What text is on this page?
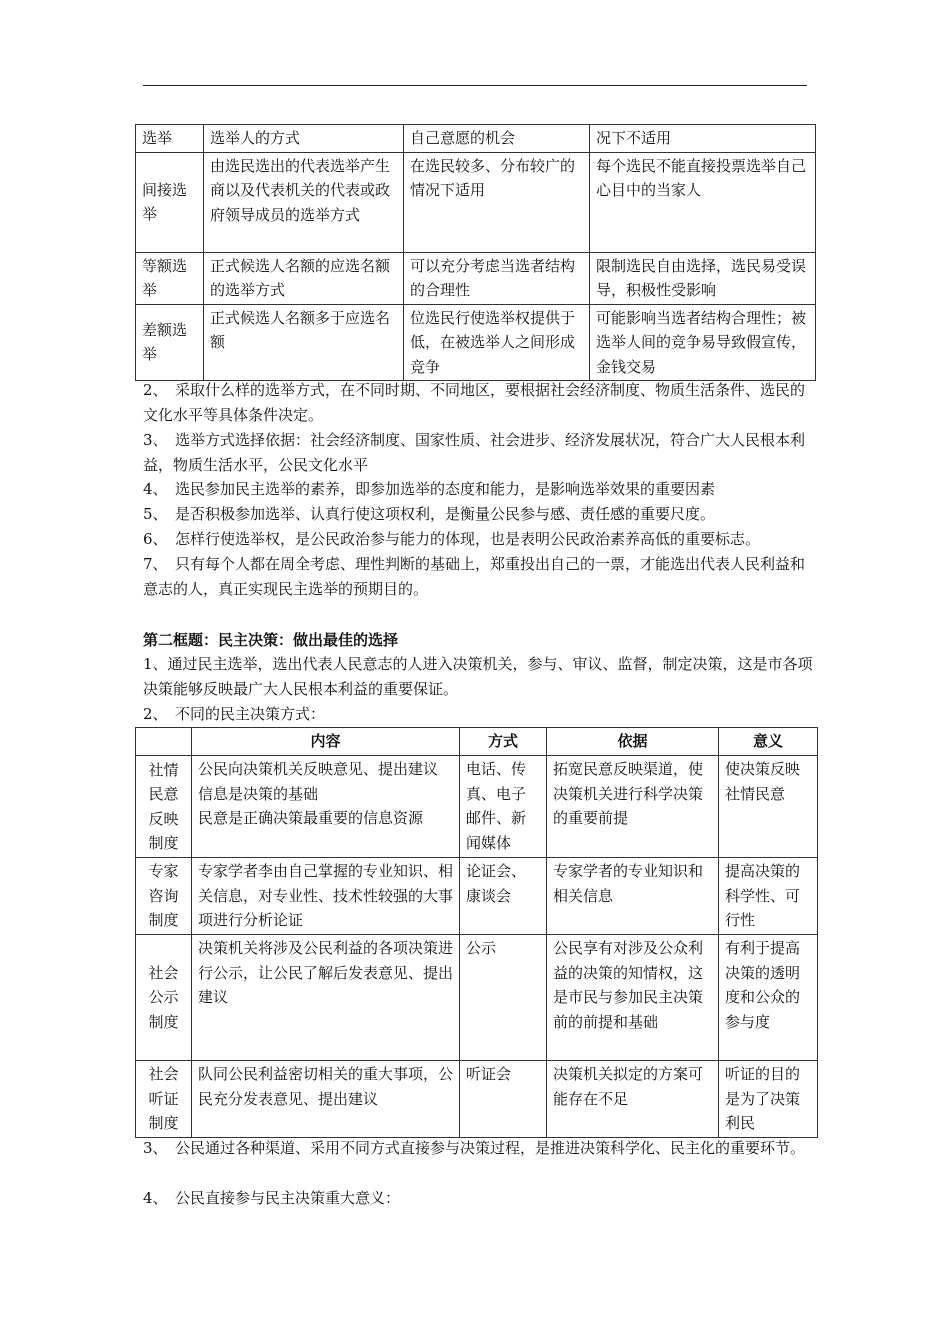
选举	选举人的方式	自己意愿的机会	况下不适用
间接选举	由选民选出的代表选举产生商以及代表机关的代表或政府领导成员的选举方式	在选民较多、分布较广的情况下适用	每个选民不能直接投票选举自己心目中的当家人
等额选举	正式候选人名额的应选名额的选举方式	可以充分考虑当选者结构的合理性	限制选民自由选择，选民易受误导，积极性受影响
差额选举	正式候选人名额多于应选名额	位选民行使选举权提供于低，在被选举人之间形成竞争	可能影响当选者结构合理性；被选举人间的竞争易导致假宣传，金钱交易

2、　采取什么样的选举方式，在不同时期、不同地区，要根据社会经济制度、物质生活条件、选民的文化水平等具体条件决定。

3、　选举方式选择依据：社会经济制度、国家性质、社会进步、经济发展状况，符合广大人民根本利益，物质生活水平，公民文化水平

4、　选民参加民主选举的素养，即参加选举的态度和能力，是影响选举效果的重要因素

5、　是否积极参加选举、认真行使这项权利，是衡量公民参与感、责任感的重要尺度。

6、　怎样行使选举权，是公民政治参与能力的体现，也是表明公民政治素养高低的重要标志。

7、　只有每个人都在周全考虑、理性判断的基础上，郑重投出自己的一票，才能选出代表人民利益和意志的人，真正实现民主选举的预期目的。

第二框题：民主决策：做出最佳的选择

1、通过民主选举，选出代表人民意志的人进入决策机关，参与、审议、监督，制定决策，这是市各项决策能够反映最广大人民根本利益的重要保证。

2、　不同的民主决策方式：

	内容	方式	依据	意义
社情民意反映制度	公民向决策机关反映意见、提出建议
信息是决策的基础
民意是正确决策最重要的信息资源	电话、传真、电子邮件、新闻媒体	拓宽民意反映渠道，使决策机关进行科学决策的重要前提	使决策反映社情民意
专家咨询制度	专家学者李由自己掌握的专业知识、相关信息，对专业性、技术性较强的大事项进行分析论证	论证会、康谈会	专家学者的专业知识和相关信息	提高决策的科学性、可行性
社会公示制度	决策机关将涉及公民利益的各项决策进行公示，让公民了解后发表意见、提出建议	公示	公民享有对涉及公众利益的决策的知情权，这是市民与参加民主决策前的前提和基础	有利于提高决策的透明度和公众的参与度
社会听证制度	队同公民利益密切相关的重大事项，公民充分发表意见、提出建议	听证会	决策机关拟定的方案可能存在不足	听证的目的是为了决策利民

3、　公民通过各种渠道、采用不同方式直接参与决策过程，是推进决策科学化、民主化的重要环节。

4、　公民直接参与民主决策重大意义：
